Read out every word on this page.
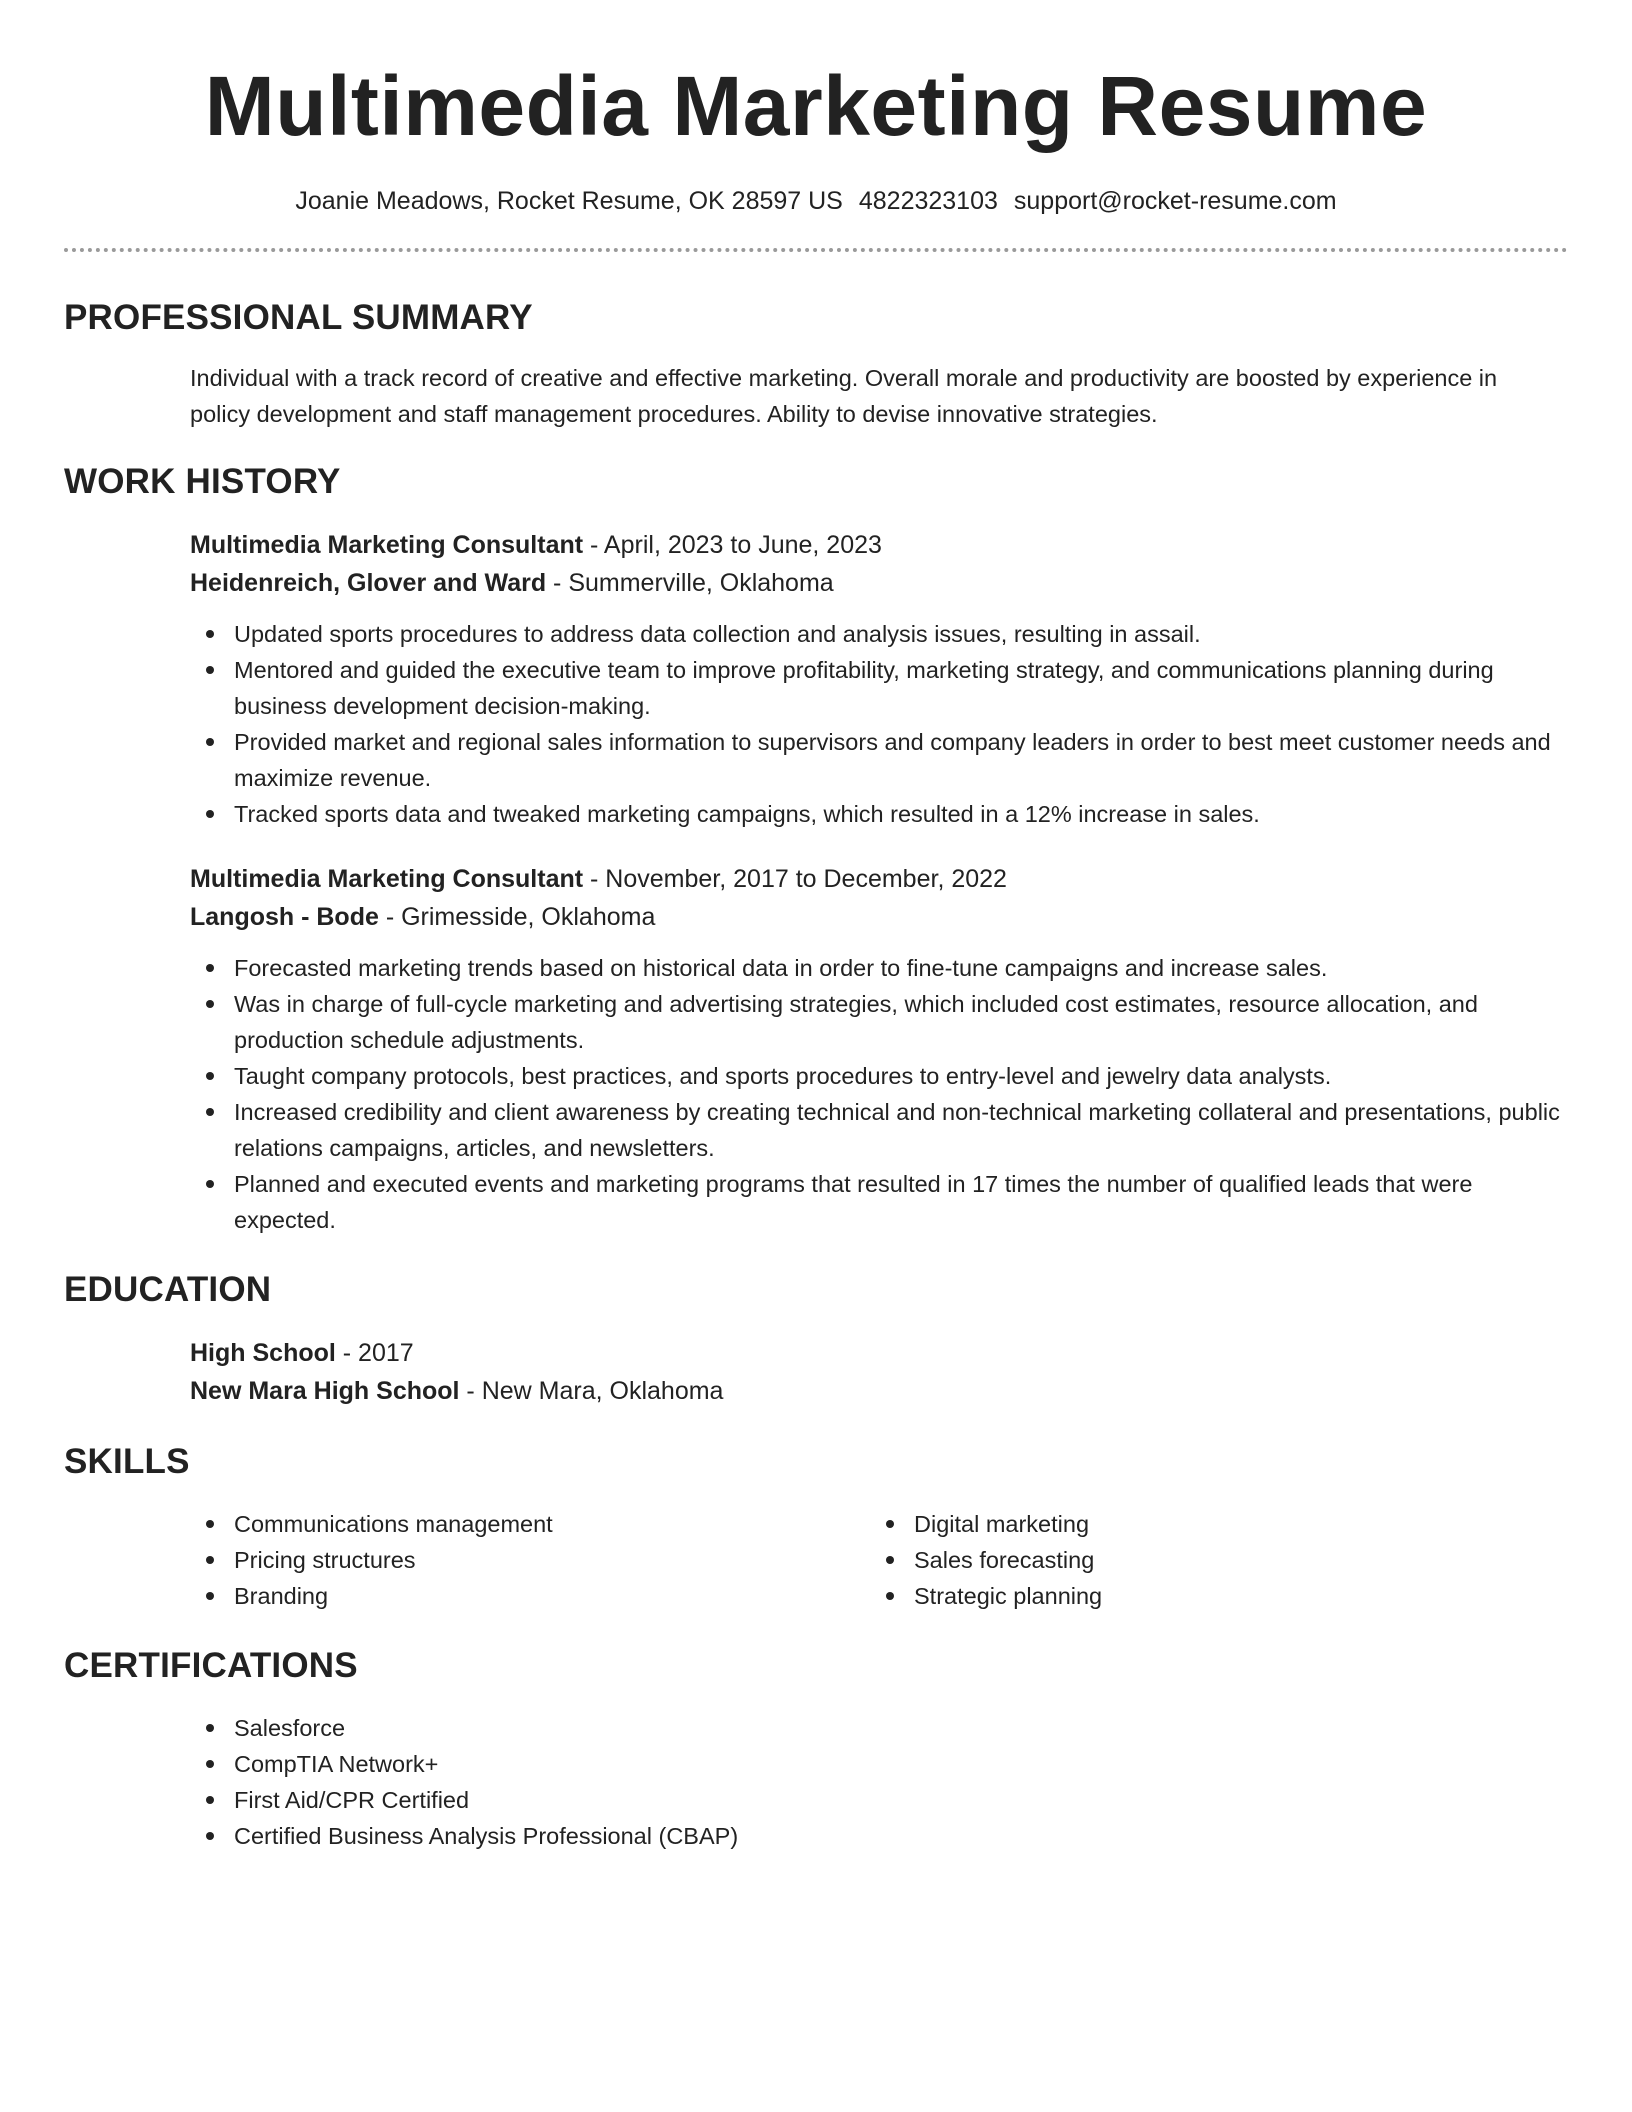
Multimedia Marketing Resume
Joanie Meadows, Rocket Resume, OK 28597 US 4822323103 support@rocket-resume.com
PROFESSIONAL SUMMARY

Individual with a track record of creative and effective marketing. Overall morale and productivity are boosted by experience in policy development and staff management procedures. Ability to devise innovative strategies.

WORK HISTORY
Multimedia Marketing Consultant - April, 2023 to June, 2023
Heidenreich, Glover and Ward - Summerville, Oklahoma
Updated sports procedures to address data collection and analysis issues, resulting in assail.
Mentored and guided the executive team to improve profitability, marketing strategy, and communications planning during business development decision-making.
Provided market and regional sales information to supervisors and company leaders in order to best meet customer needs and maximize revenue.
Tracked sports data and tweaked marketing campaigns, which resulted in a 12% increase in sales.
Multimedia Marketing Consultant - November, 2017 to December, 2022
Langosh - Bode - Grimesside, Oklahoma
Forecasted marketing trends based on historical data in order to fine-tune campaigns and increase sales.
Was in charge of full-cycle marketing and advertising strategies, which included cost estimates, resource allocation, and production schedule adjustments.
Taught company protocols, best practices, and sports procedures to entry-level and jewelry data analysts.
Increased credibility and client awareness by creating technical and non-technical marketing collateral and presentations, public relations campaigns, articles, and newsletters.
Planned and executed events and marketing programs that resulted in 17 times the number of qualified leads that were expected.
EDUCATION
High School - 2017
New Mara High School - New Mara, Oklahoma
SKILLS
Communications management
Pricing structures
Branding
Digital marketing
Sales forecasting
Strategic planning
CERTIFICATIONS
Salesforce
CompTIA Network+
First Aid/CPR Certified
Certified Business Analysis Professional (CBAP)
